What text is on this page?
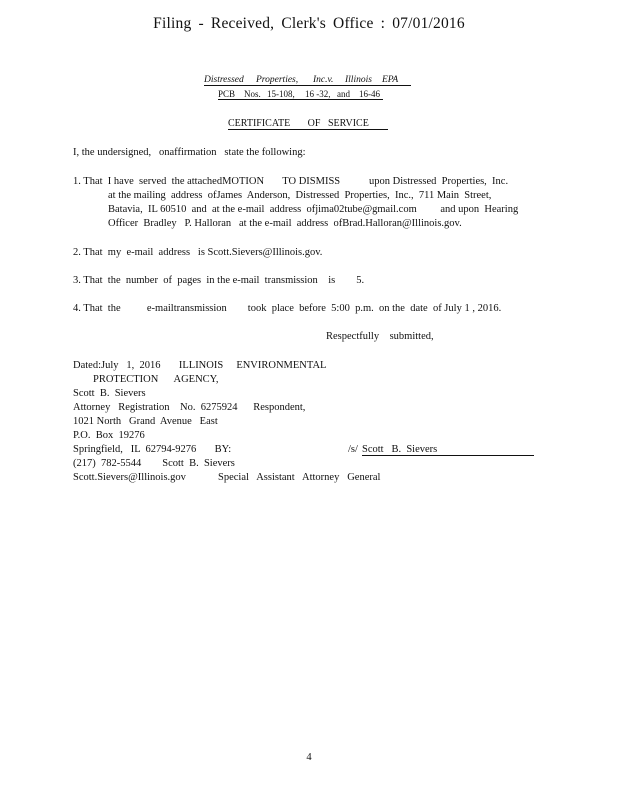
Filing - Received, Clerk's Office : 07/01/2016
Distressed Properties, Inc.v. Illinois EPA
PCB Nos. 15-108, 16 -32, and 16-46
CERTIFICATE       OF   SERVICE
I, the undersigned,   onaffirmation   state the following:
1. That  I have  served  the attachedMOTION       TO DISMISS           upon Distressed  Properties,  Inc.
at the mailing  address  ofJames  Anderson,  Distressed  Properties,  Inc.,  711 Main  Street,
Batavia,  IL 60510  and  at the e-mail  address  ofjima02tube@gmail.com         and upon  Hearing
Officer  Bradley   P. Halloran   at the e-mail  address  ofBrad.Halloran@Illinois.gov.
2. That  my  e-mail  address   is Scott.Sievers@Illinois.gov.
3. That  the  number  of  pages  in the e-mail  transmission    is        5.
4. That  the          e-mailtransmission        took  place  before  5:00  p.m.  on the  date  of July 1 , 2016.
Respectfully    submitted,
Dated:July   1,  2016       ILLINOIS     ENVIRONMENTAL
PROTECTION      AGENCY,
Scott  B.  Sievers
Attorney   Registration    No.  6275924      Respondent,
1021 North   Grand  Avenue   East
P.O.  Box  19276
Springfield,   IL  62794-9276       BY:	/s/ Scott   B.  Sievers
(217)  782-5544        Scott  B.  Sievers
Scott.Sievers@Illinois.gov	Special   Assistant   Attorney   General
4
